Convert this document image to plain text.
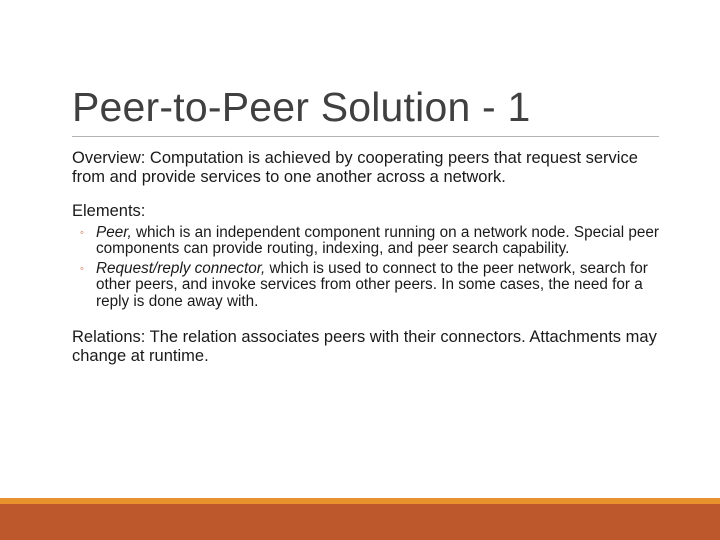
Peer-to-Peer Solution - 1

Overview: Computation is achieved by cooperating peers that request service from and provide services to one another across a network.

Elements:

◦ Peer, which is an independent component running on a network node. Special peer components can provide routing, indexing, and peer search capability.
◦ Request/reply connector, which is used to connect to the peer network, search for other peers, and invoke services from other peers. In some cases, the need for a reply is done away with.

Relations: The relation associates peers with their connectors. Attachments may change at runtime.
